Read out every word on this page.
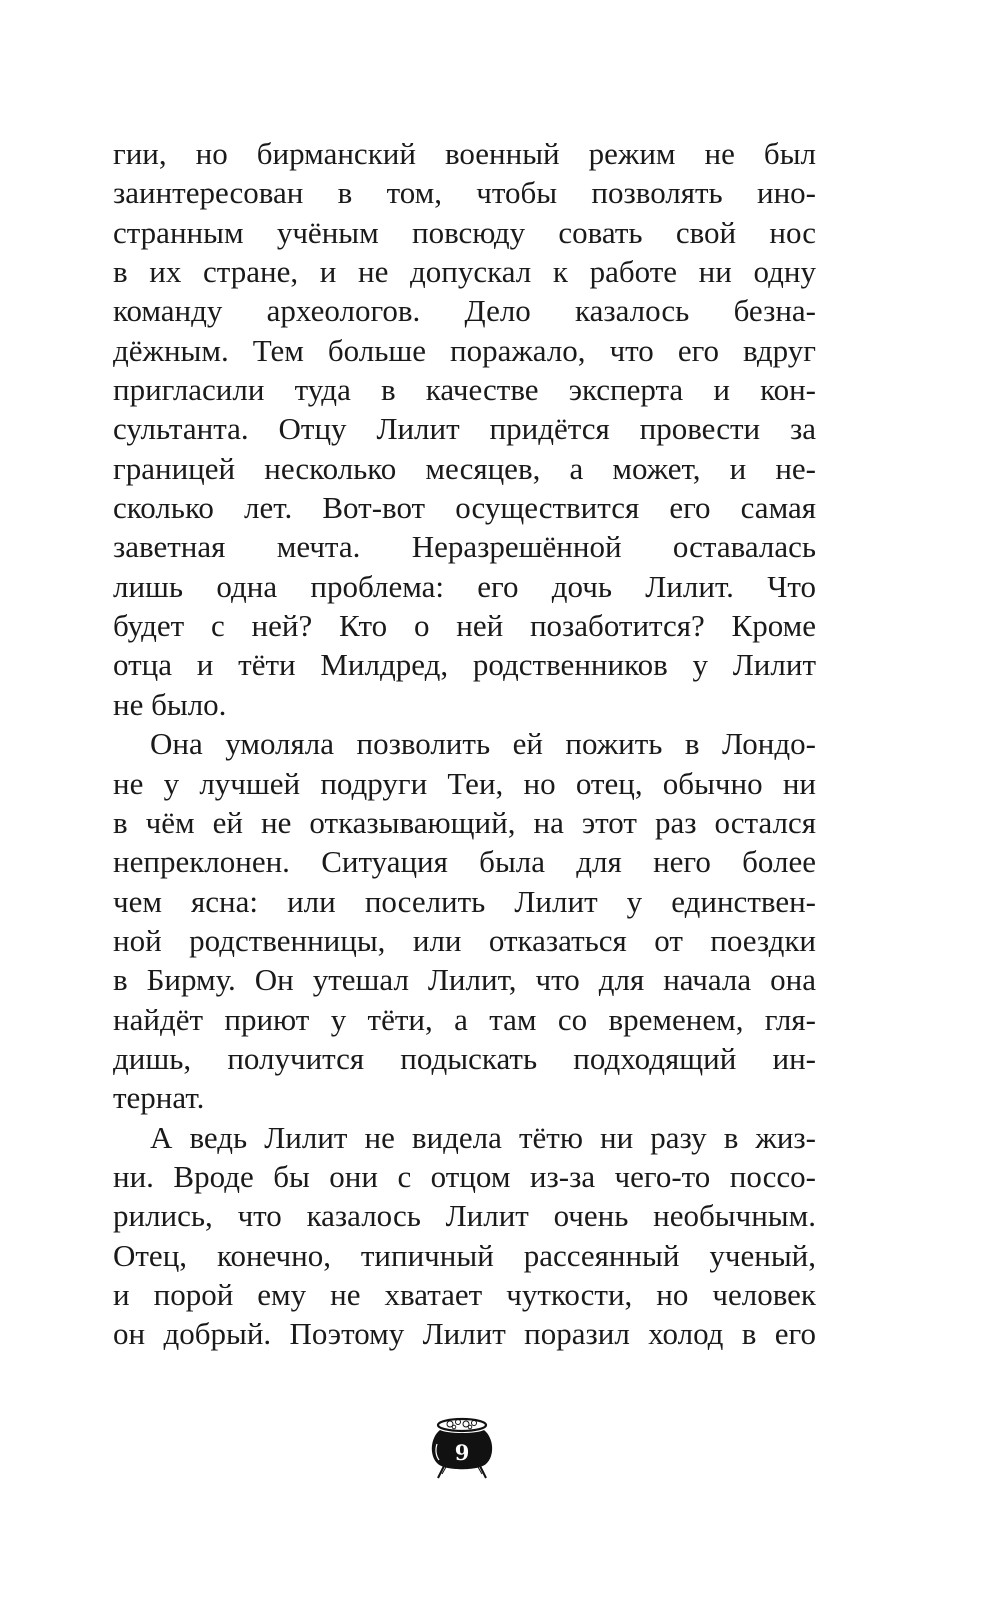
гии, но бирманский военный режим не был
заинтересован в том, чтобы позволять ино-
странным учёным повсюду совать свой нос
в их стране, и не допускал к работе ни одну
команду археологов. Дело казалось безна-
дёжным. Тем больше поражало, что его вдруг
пригласили туда в качестве эксперта и кон-
сультанта. Отцу Лилит придётся провести за
границей несколько месяцев, а может, и не-
сколько лет. Вот-вот осуществится его самая
заветная мечта. Неразрешённой оставалась
лишь одна проблема: его дочь Лилит. Что
будет с ней? Кто о ней позаботится? Кроме
отца и тёти Милдред, родственников у Лилит
не было.
Она умоляла позволить ей пожить в Лондо-
не у лучшей подруги Теи, но отец, обычно ни
в чём ей не отказывающий, на этот раз остался
непреклонен. Ситуация была для него более
чем ясна: или поселить Лилит у единствен-
ной родственницы, или отказаться от поездки
в Бирму. Он утешал Лилит, что для начала она
найдёт приют у тёти, а там со временем, гля-
дишь, получится подыскать подходящий ин-
тернат.
А ведь Лилит не видела тётю ни разу в жиз-
ни. Вроде бы они с отцом из-за чего-то поссо-
рились, что казалось Лилит очень необычным.
Отец, конечно, типичный рассеянный ученый,
и порой ему не хватает чуткости, но человек
он добрый. Поэтому Лилит поразил холод в его
9
